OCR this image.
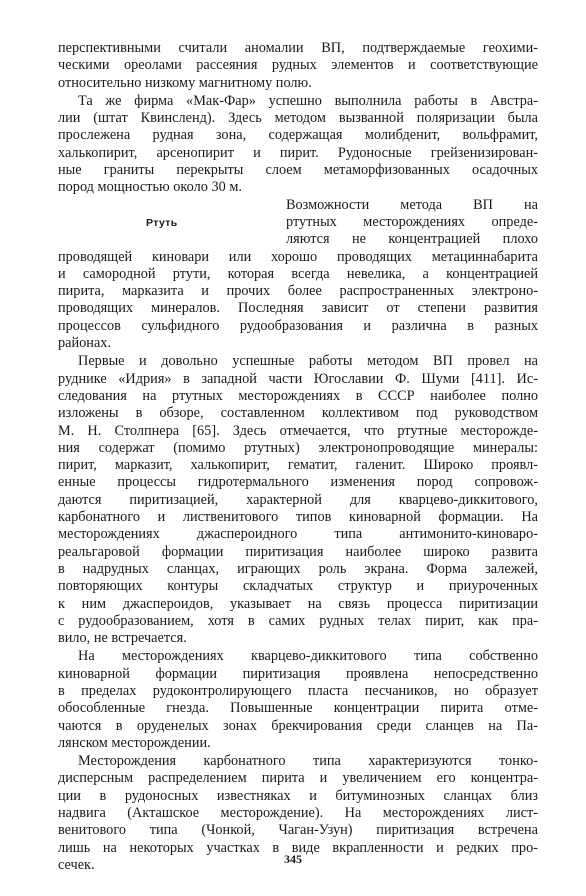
перспективными считали аномалии ВП, подтверждаемые геохими-
ческими ореолами рассеяния рудных элементов и соответствующие
относительно низкому магнитному полю.
Та же фирма «Мак-Фар» успешно выполнила работы в Австра-
лии (штат Квинсленд). Здесь методом вызванной поляризации была
прослежена рудная зона, содержащая молибденит, вольфрамит,
халькопирит, арсенопирит и пирит. Рудоносные грейзенизирован-
ные граниты перекрыты слоем метаморфизованных осадочных
пород мощностью около 30 м.
Ртуть
Возможности метода ВП на
ртутных месторождениях опреде-
ляются не концентрацией плохо
проводящей киновари или хорошо проводящих метациннабарита
и самородной ртути, которая всегда невелика, а концентрацией
пирита, марказита и прочих более распространенных электроно-
проводящих минералов. Последняя зависит от степени развития
процессов сульфидного рудообразования и различна в разных
районах.
Первые и довольно успешные работы методом ВП провел на
руднике «Идрия» в западной части Югославии Ф. Шуми [411]. Ис-
следования на ртутных месторождениях в СССР наиболее полно
изложены в обзоре, составленном коллективом под руководством
М. Н. Столпнера [65]. Здесь отмечается, что ртутные месторожде-
ния содержат (помимо ртутных) электронопроводящие минералы:
пирит, марказит, халькопирит, гематит, галенит. Широко проявл-
енные процессы гидротермального изменения пород сопровож-
даются пиритизацией, характерной для кварцево-диккитового,
карбонатного и лиственитового типов киноварной формации. На
месторождениях джаспероидного типа антимонито-киноваро-
реальгаровой формации пиритизация наиболее широко развита
в надрудных сланцах, играющих роль экрана. Форма залежей,
повторяющих контуры складчатых структур и приуроченных
к ним джаспероидов, указывает на связь процесса пиритизации
с рудообразованием, хотя в самих рудных телах пирит, как пра-
вило, не встречается.
На месторождениях кварцево-диккитового типа собственно
киноварной формации пиритизация проявлена непосредственно
в пределах рудоконтролирующего пласта песчаников, но образует
обособленные гнезда. Повышенные концентрации пирита отме-
чаются в оруденелых зонах брекчирования среди сланцев на Па-
лянском месторождении.
Месторождения карбонатного типа характеризуются тонко-
дисперсным распределением пирита и увеличением его концентра-
ции в рудоносных известняках и битуминозных сланцах близ
надвига (Акташское месторождение). На месторождениях лист-
венитового типа (Чонкой, Чаган-Узун) пиритизация встречена
лишь на некоторых участках в виде вкрапленности и редких про-
сечек.	345
